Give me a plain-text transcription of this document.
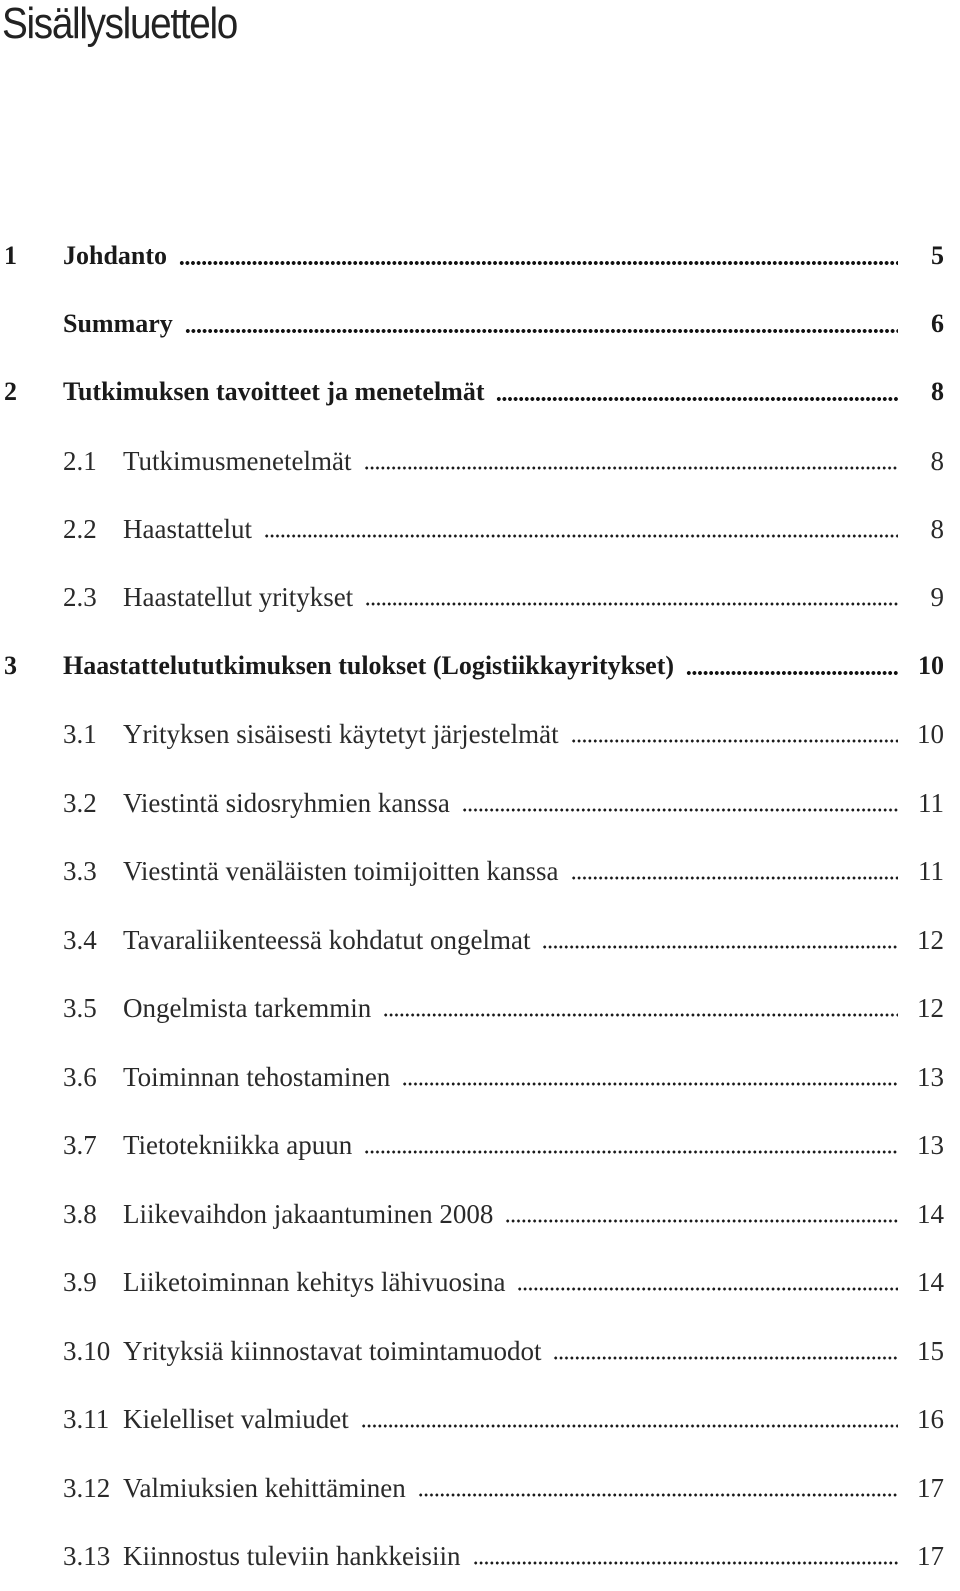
Sisällysluettelo
1 Johdanto	5
Summary	6
2 Tutkimuksen tavoitteet ja menetelmät	8
2.1 Tutkimusmenetelmät	8
2.2 Haastattelut	8
2.3 Haastatellut yritykset	9
3 Haastattelututkimuksen tulokset (Logistiikkayritykset)	10
3.1 Yrityksen sisäisesti käytetyt järjestelmät	10
3.2 Viestintä sidosryhmien kanssa	11
3.3 Viestintä venäläisten toimijoitten kanssa	11
3.4 Tavaraliikenteessä kohdatut ongelmat	12
3.5 Ongelmista tarkemmin	12
3.6 Toiminnan tehostaminen	13
3.7 Tietotekniikka apuun	13
3.8 Liikevaihdon jakaantuminen 2008	14
3.9 Liiketoiminnan kehitys lähivuosina	14
3.10 Yrityksiä kiinnostavat toimintamuodot	15
3.11 Kielelliset valmiudet	16
3.12 Valmiuksien kehittäminen	17
3.13 Kiinnostus tuleviin hankkeisiin	17
